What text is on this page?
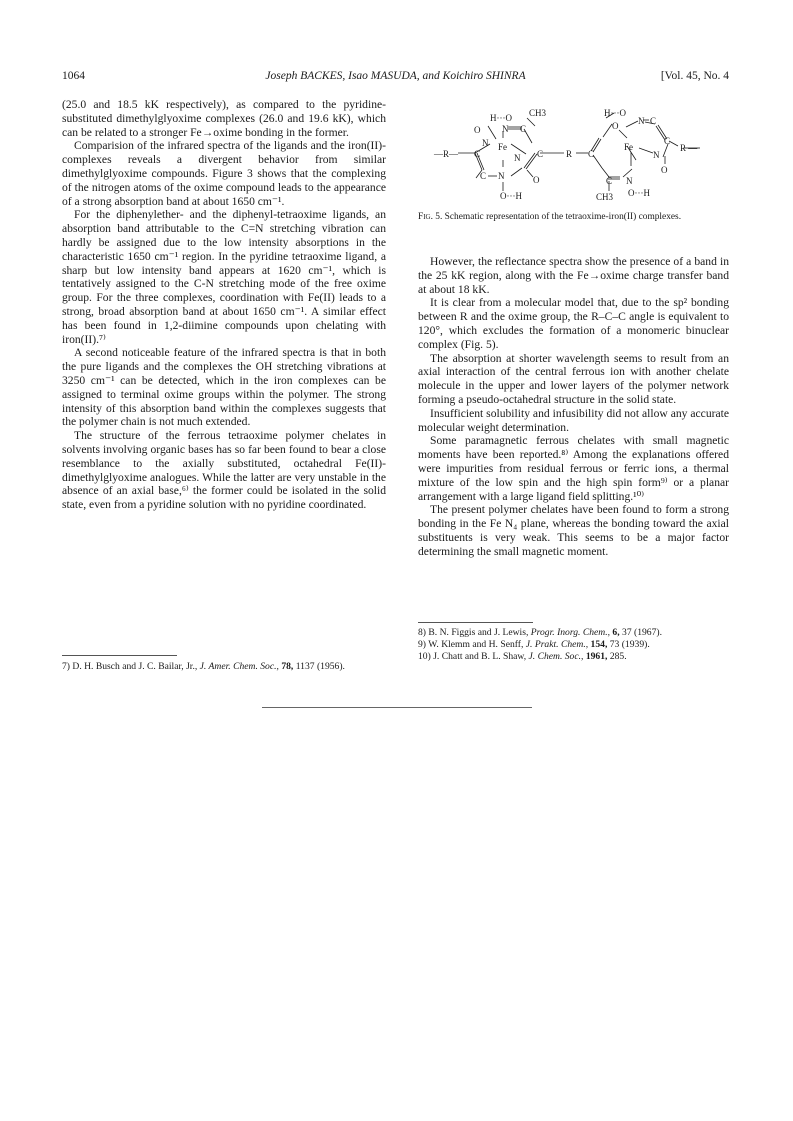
1064	Joseph BACKES, Isao MASUDA, and Koichiro SHINRA	[Vol. 45, No. 4

(25.0 and 18.5 kK respectively), as compared to the pyridine-substituted dimethylglyoxime complexes (26.0 and 19.6 kK), which can be related to a stronger Fe→oxime bonding in the former.

Comparision of the infrared spectra of the ligands and the iron(II)-complexes reveals a divergent behavior from similar dimethylglyoxime compounds. Figure 3 shows that the complexing of the nitrogen atoms of the oxime compound leads to the appearance of a strong absorption band at about 1650 cm⁻¹.

For the diphenylether- and the diphenyl-tetraoxime ligands, an absorption band attributable to the C=N stretching vibration can hardly be assigned due to the low intensity absorptions in the characteristic 1650 cm⁻¹ region. In the pyridine tetraoxime ligand, a sharp but low intensity band appears at 1620 cm⁻¹, which is tentatively assigned to the C-N stretching mode of the free oxime group. For the three complexes, coordination with Fe(II) leads to a strong, broad absorption band at about 1650 cm⁻¹. A similar effect has been found in 1,2-diimine compounds upon chelating with iron(II).⁷⁾

A second noticeable feature of the infrared spectra is that in both the pure ligands and the complexes the OH stretching vibrations at 3250 cm⁻¹ can be detected, which in the iron complexes can be assigned to terminal oxime groups within the polymer. The strong intensity of this absorption band within the complexes suggests that the polymer chain is not much extended.

The structure of the ferrous tetraoxime polymer chelates in solvents involving organic bases has so far been found to bear a close resemblance to the axially substituted, octahedral Fe(II)-dimethylglyoxime analogues. While the latter are very unstable in the absence of an axial base,⁶⁾ the former could be isolated in the solid state, even from a pyridine solution with no pyridine coordinated.

7) D. H. Busch and J. C. Bailar, Jr., J. Amer. Chem. Soc., 78, 1137 (1956).

H···O CH3	H···O
O N C
N Fe
N
C
—R—
C N
O···H
O
R
C	C
O N C
Fe
N
C
R —
O
N
C
CH3 O···H
Fig. 5. Schematic representation of the tetraoxime-iron(II) complexes.

However, the reflectance spectra show the presence of a band in the 25 kK region, along with the Fe→oxime charge transfer band at about 18 kK.

It is clear from a molecular model that, due to the sp² bonding between R and the oxime group, the R–C–C angle is equivalent to 120°, which excludes the formation of a monomeric binuclear complex (Fig. 5).

The absorption at shorter wavelength seems to result from an axial interaction of the central ferrous ion with another chelate molecule in the upper and lower layers of the polymer network forming a pseudo-octahedral structure in the solid state.

Insufficient solubility and infusibility did not allow any accurate molecular weight determination.

Some paramagnetic ferrous chelates with small magnetic moments have been reported.⁸⁾ Among the explanations offered were impurities from residual ferrous or ferric ions, a thermal mixture of the low spin and the high spin form⁹⁾ or a planar arrangement with a large ligand field splitting.¹⁰⁾

The present polymer chelates have been found to form a strong bonding in the Fe N₄ plane, whereas the bonding toward the axial substituents is very weak. This seems to be a major factor determining the small magnetic moment.

8) B. N. Figgis and J. Lewis, Progr. Inorg. Chem., 6, 37 (1967).

9) W. Klemm and H. Senff, J. Prakt. Chem., 154, 73 (1939).

10) J. Chatt and B. L. Shaw, J. Chem. Soc., 1961, 285.
